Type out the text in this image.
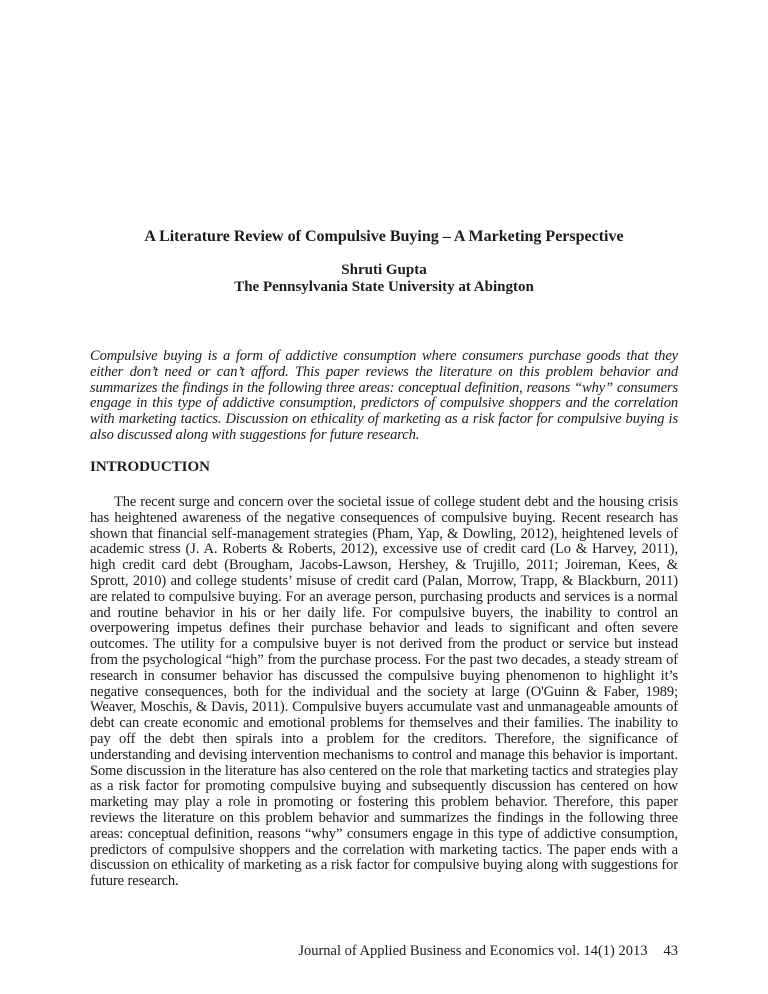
A Literature Review of Compulsive Buying – A Marketing Perspective
Shruti Gupta
The Pennsylvania State University at Abington
Compulsive buying is a form of addictive consumption where consumers purchase goods that they either don’t need or can’t afford. This paper reviews the literature on this problem behavior and summarizes the findings in the following three areas: conceptual definition, reasons “why” consumers engage in this type of addictive consumption, predictors of compulsive shoppers and the correlation with marketing tactics. Discussion on ethicality of marketing as a risk factor for compulsive buying is also discussed along with suggestions for future research.
INTRODUCTION
The recent surge and concern over the societal issue of college student debt and the housing crisis has heightened awareness of the negative consequences of compulsive buying. Recent research has shown that financial self-management strategies (Pham, Yap, & Dowling, 2012), heightened levels of academic stress (J. A. Roberts & Roberts, 2012), excessive use of credit card (Lo & Harvey, 2011), high credit card debt (Brougham, Jacobs-Lawson, Hershey, & Trujillo, 2011; Joireman, Kees, & Sprott, 2010) and college students’ misuse of credit card (Palan, Morrow, Trapp, & Blackburn, 2011) are related to compulsive buying. For an average person, purchasing products and services is a normal and routine behavior in his or her daily life. For compulsive buyers, the inability to control an overpowering impetus defines their purchase behavior and leads to significant and often severe outcomes. The utility for a compulsive buyer is not derived from the product or service but instead from the psychological “high” from the purchase process. For the past two decades, a steady stream of research in consumer behavior has discussed the compulsive buying phenomenon to highlight it’s negative consequences, both for the individual and the society at large (O'Guinn & Faber, 1989; Weaver, Moschis, & Davis, 2011). Compulsive buyers accumulate vast and unmanageable amounts of debt can create economic and emotional problems for themselves and their families. The inability to pay off the debt then spirals into a problem for the creditors. Therefore, the significance of understanding and devising intervention mechanisms to control and manage this behavior is important. Some discussion in the literature has also centered on the role that marketing tactics and strategies play as a risk factor for promoting compulsive buying and subsequently discussion has centered on how marketing may play a role in promoting or fostering this problem behavior. Therefore, this paper reviews the literature on this problem behavior and summarizes the findings in the following three areas: conceptual definition, reasons “why” consumers engage in this type of addictive consumption, predictors of compulsive shoppers and the correlation with marketing tactics. The paper ends with a discussion on ethicality of marketing as a risk factor for compulsive buying along with suggestions for future research.
Journal of Applied Business and Economics vol. 14(1) 2013 43
